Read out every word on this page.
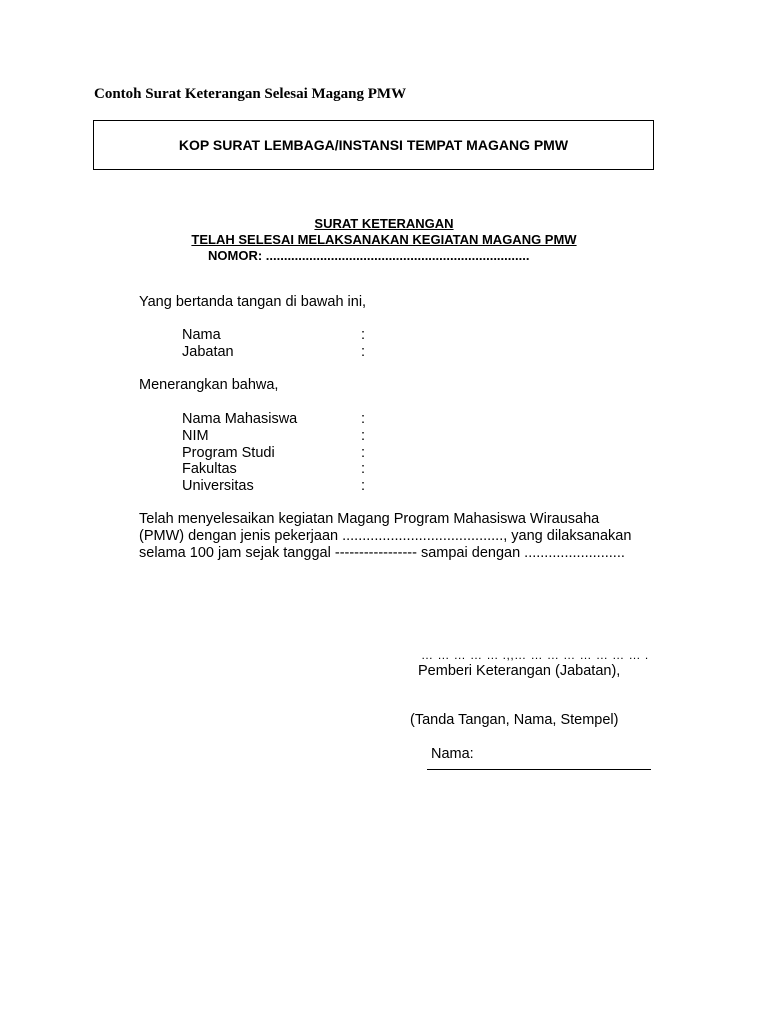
Contoh Surat Keterangan Selesai Magang PMW
KOP SURAT LEMBAGA/INSTANSI TEMPAT MAGANG PMW
SURAT KETERANGAN
TELAH SELESAI MELAKSANAKAN KEGIATAN MAGANG PMW
NOMOR: .........................................................................
Yang bertanda tangan di bawah ini,
Nama	:
Jabatan	:
Menerangkan bahwa,
Nama Mahasiswa	:
NIM	:
Program Studi	:
Fakultas	:
Universitas	:
Telah menyelesaikan kegiatan Magang Program Mahasiswa Wirausaha
(PMW) dengan jenis pekerjaan ........................................, yang dilaksanakan
selama 100 jam sejak tanggal ----------------- sampai dengan .........................
… … … … … .,,… … … … … … … … .
Pemberi Keterangan (Jabatan),
(Tanda Tangan, Nama, Stempel)
Nama:
